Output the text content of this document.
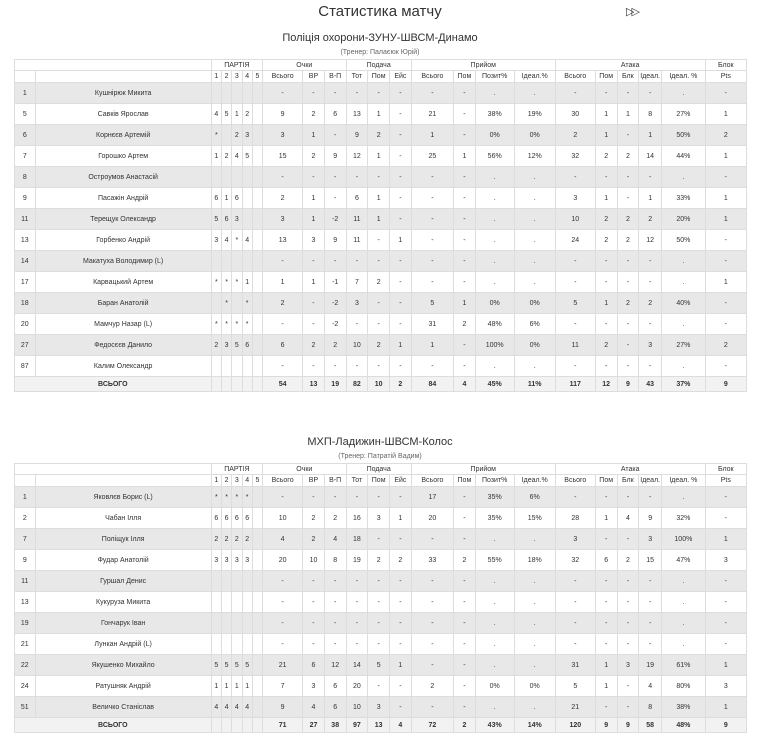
Статистика матчу	▷▷
Поліція охорони-ЗУНУ-ШВСМ-Динамо
(Тренер: Палаєюк Юрій)
		ПАРТІЯ					Очки			Подача			Прийом				Атака					Блок
		1	2	3	4	5	Всього	ВР	В-П	Тот	Пом	Ейс	Всього	Пом	Позит%	Ідеал.%	Всього	Пом	Блк	Ідеал.	Ідеал. %	Pts
1	Кушнірюк Микита						-	-	-	-	-	-	-	-	.	.	-	-	-	-	.	-
5	Савків Ярослав	4	5	1	2		9	2	6	13	1	-	21	-	38%	19%	30	1	1	8	27%	1
6	Корнєєв Артемій	*		2	3		3	1	-	9	2	-	1	-	0%	0%	2	1	-	1	50%	2
7	Горошко Артем	1	2	4	5		15	2	9	12	1	-	25	1	56%	12%	32	2	2	14	44%	1
8	Остроумов Анастасій						-	-	-	-	-	-	-	-	.	.	-	-	-	-	.	-
9	Пасажін Андрій	6	1	6			2	1	-	6	1	-	-	-	.	.	3	1	-	1	33%	1
11	Терещук Олександр	5	6	3			3	1	-2	11	1	-	-	-	.	.	10	2	2	2	20%	1
13	Горбенко Андрій	3	4	*	4		13	3	9	11	-	1	-	-	.	.	24	2	2	12	50%	-
14	Макатуха Володимир (L)						-	-	-	-	-	-	-	-	.	.	-	-	-	-	.	-
17	Карвацький Артем	*	*	*	1		1	1	-1	7	2	-	-	-	.	.	-	-	-	-	.	1
18	Баран Анатолій		*		*		2	-	-2	3	-	-	5	1	0%	0%	5	1	2	2	40%	-
20	Мамчур Назар (L)	*	*	*	*		-	-	-2	-	-	-	31	2	48%	6%	-	-	-	-	.	-
27	Федосєєв Данило	2	3	5	6		6	2	2	10	2	1	1	-	100%	0%	11	2	-	3	27%	2
87	Калим Олександр						-	-	-	-	-	-	-	-	.	.	-	-	-	-	.	-
ВСЬОГО							54	13	19	82	10	2	84	4	45%	11%	117	12	9	43	37%	9
МХП-Ладижин-ШВСМ-Колос
(Тренер: Патратій Вадим)
		ПАРТІЯ					Очки			Подача			Прийом				Атака					Блок
		1	2	3	4	5	Всього	ВР	В-П	Тот	Пом	Ейс	Всього	Пом	Позит%	Ідеал.%	Всього	Пом	Блк	Ідеал.	Ідеал. %	Pts
1	Яковлєв Борис (L)	*	*	*	*		-	-	-	-	-	-	17	-	35%	6%	-	-	-	-	.	-
2	Чабан Ілля	6	6	6	6		10	2	2	16	3	1	20	-	35%	15%	28	1	4	9	32%	-
7	Поліщук Ілля	2	2	2	2		4	2	4	18	-	-	-	-	.	.	3	-	-	3	100%	1
9	Фудар Анатолій	3	3	3	3		20	10	8	19	2	2	33	2	55%	18%	32	6	2	15	47%	3
11	Гуршал Денис						-	-	-	-	-	-	-	-	.	.	-	-	-	-	.	-
13	Кукуруза Микита						-	-	-	-	-	-	-	-	.	.	-	-	-	-	.	-
19	Гончарук Іван						-	-	-	-	-	-	-	-	.	.	-	-	-	-	.	-
21	Лункан Андрій (L)						-	-	-	-	-	-	-	-	.	.	-	-	-	-	.	-
22	Якушенко Михайло	5	5	5	5		21	6	12	14	5	1	-	-	.	.	31	1	3	19	61%	1
24	Ратушняк Андрій	1	1	1	1		7	3	6	20	-	-	2	-	0%	0%	5	1	-	4	80%	3
51	Величко Станіслав	4	4	4	4		9	4	6	10	3	-	-	-	.	.	21	-	-	8	38%	1
ВСЬОГО							71	27	38	97	13	4	72	2	43%	14%	120	9	9	58	48%	9
